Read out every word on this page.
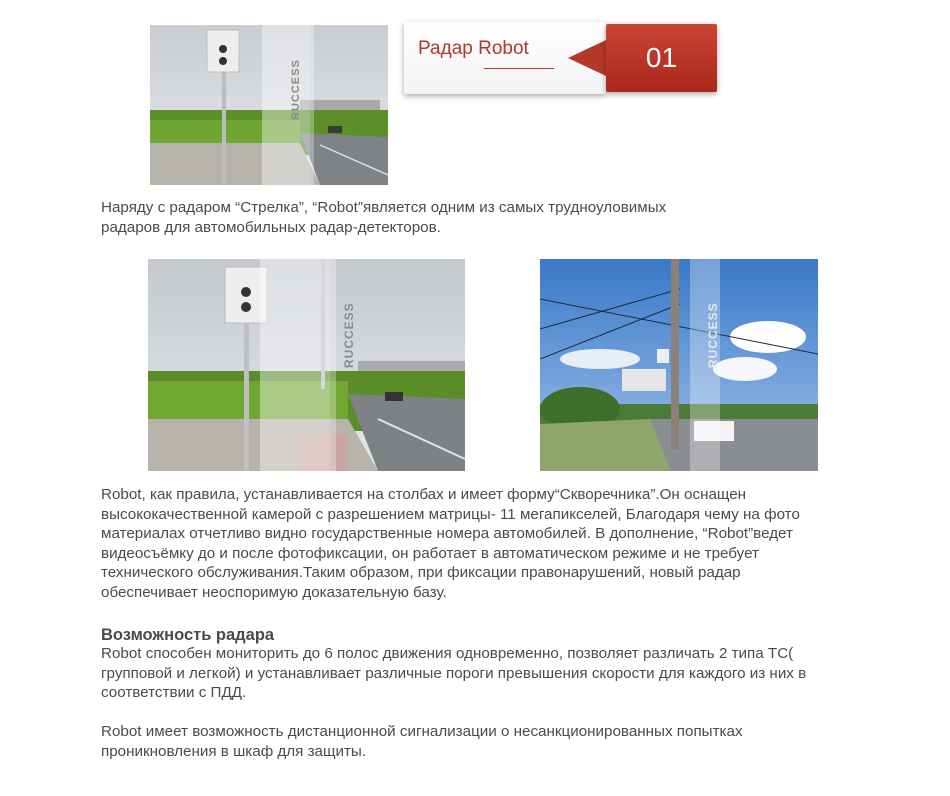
RUCCESS
Радар Robot	01
Наряду с радаром “Стрелка”, “Robot”является одним из самых трудноуловимых
радаров для автомобильных радар-детекторов.
RUCCESS	RUCCESS
Robot, как правила, устанавливается на столбах и имеет форму“Скворечника”.Он оснащен
высококачественной камерой с разрешением матрицы- 11 мегапикселей, Благодаря чему на фото
материалах отчетливо видно государственные номера автомобилей. В дополнение, “Robot”ведет
видеосъёмку до и после фотофиксации, он работает в автоматическом режиме и не требует
технического обслуживания.Таким образом, при фиксации правонарушений, новый радар
обеспечивает неоспоримую доказательную базу.
Возможность радара
Robot способен мониторить до 6 полос движения одновременно, позволяет различать 2 типа ТС(
групповой и легкой) и устанавливает различные пороги превышения скорости для каждого из них в
соответствии с ПДД.
Robot имеет возможность дистанционной сигнализации о несанкционированных попытках
проникновления в шкаф для защиты.
